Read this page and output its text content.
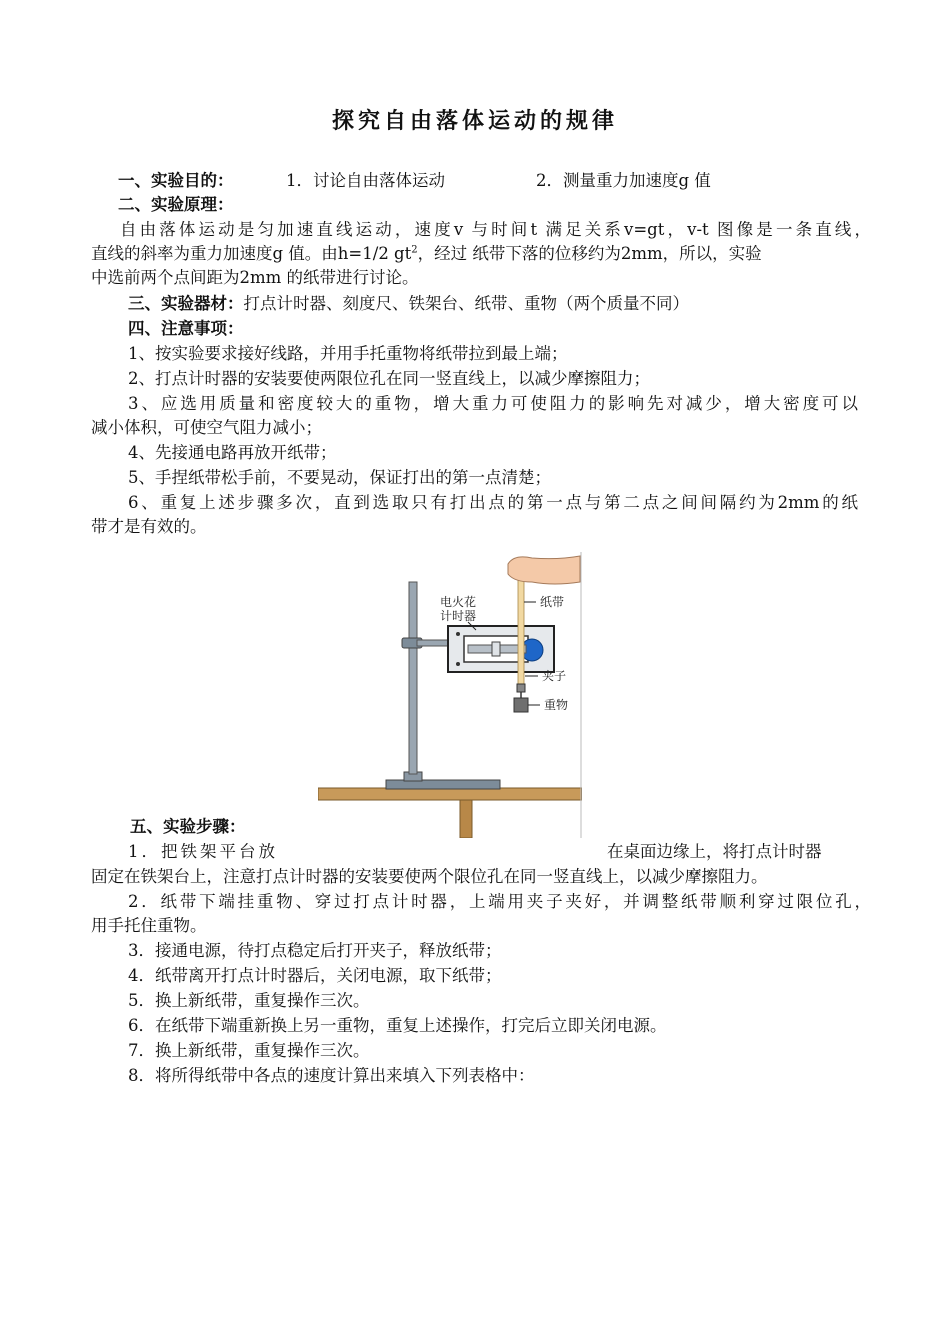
探究自由落体运动的规律
一、实验目的：	1．讨论自由落体运动	2．测量重力加速度g 值
二、实验原理：
自由落体运动是匀加速直线运动，速度v 与时间t 满足关系v=gt，v-t 图像是一条直线，
直线的斜率为重力加速度g 值。由h=1/2 $gt^2$，经过 纸带下落的位移约为2mm，所以，实验
中选前两个点间距为2mm 的纸带进行讨论。
三、实验器材：打点计时器、刻度尺、铁架台、纸带、重物（两个质量不同）
四、注意事项：
1、按实验要求接好线路，并用手托重物将纸带拉到最上端；
2、打点计时器的安装要使两限位孔在同一竖直线上，以减少摩擦阻力；
3、应选用质量和密度较大的重物，增大重力可使阻力的影响先对减少，增大密度可以
减小体积，可使空气阻力减小；
4、先接通电路再放开纸带；
5、手捏纸带松手前，不要晃动，保证打出的第一点清楚；
6、重复上述步骤多次，直到选取只有打出点的第一点与第二点之间间隔约为2mm的纸
带才是有效的。
电火花
计时器
纸带
夹子
重物
五、实验步骤：
1．把铁架平台放	在桌面边缘上，将打点计时器
固定在铁架台上，注意打点计时器的安装要使两个限位孔在同一竖直线上，以减少摩擦阻力。
2．纸带下端挂重物、穿过打点计时器，上端用夹子夹好，并调整纸带顺利穿过限位孔，
用手托住重物。
3．接通电源，待打点稳定后打开夹子，释放纸带；
4．纸带离开打点计时器后，关闭电源，取下纸带；
5．换上新纸带，重复操作三次。
6．在纸带下端重新换上另一重物，重复上述操作，打完后立即关闭电源。
7．换上新纸带，重复操作三次。
8．将所得纸带中各点的速度计算出来填入下列表格中：
